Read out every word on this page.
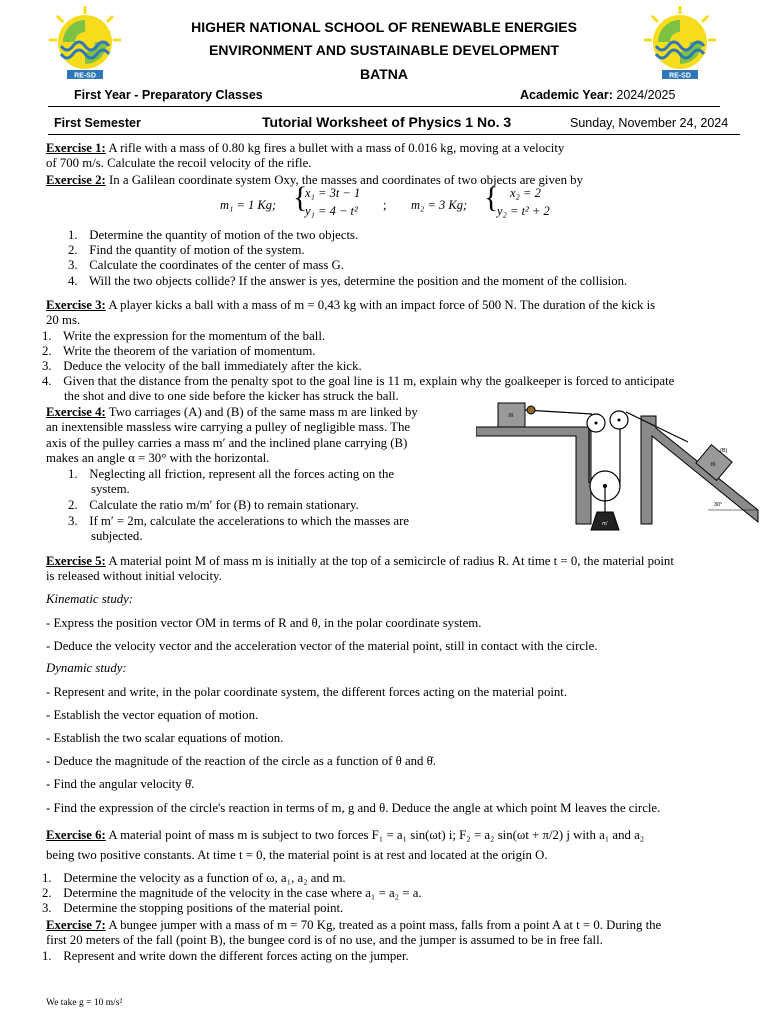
RE-SD	RE-SD
HIGHER NATIONAL SCHOOL OF RENEWABLE ENERGIES
ENVIRONMENT AND SUSTAINABLE DEVELOPMENT
BATNA
First Year - Preparatory Classes	Academic Year: 2024/2025
First Semester	Tutorial Worksheet of Physics 1 No. 3	Sunday, November 24, 2024
Exercise 1: A rifle with a mass of 0.80 kg fires a bullet with a mass of 0.016 kg, moving at a velocity
of 700 m/s. Calculate the recoil velocity of the rifle.
Exercise 2: In a Galilean coordinate system Oxy, the masses and coordinates of two objects are given by
m₁ = 1 Kg; {
x₁ = 3t − 1
y₁ = 4 − t² ; m₂ = 3 Kg; { x₂ = 2
y₂ = t² + 2
1. Determine the quantity of motion of the two objects.
2. Find the quantity of motion of the system.
3. Calculate the coordinates of the center of mass G.
4. Will the two objects collide? If the answer is yes, determine the position and the moment of the collision.
Exercise 3: A player kicks a ball with a mass of m = 0,43 kg with an impact force of 500 N. The duration of the kick is
20 ms.
1. Write the expression for the momentum of the ball.
2. Write the theorem of the variation of momentum.
3. Deduce the velocity of the ball immediately after the kick.
4. Given that the distance from the penalty spot to the goal line is 11 m, explain why the goalkeeper is forced to anticipate
the shot and dive to one side before the kicker has struck the ball.
Exercise 4: Two carriages (A) and (B) of the same mass m are linked by
an inextensible massless wire carrying a pulley of negligible mass. The
axis of the pulley carries a mass m′ and the inclined plane carrying (B)
makes an angle α = 30° with the horizontal.
1. Neglecting all friction, represent all the forces acting on the
system.
2. Calculate the ratio m/m′ for (B) to remain stationary.
3. If m′ = 2m, calculate the accelerations to which the masses are
subjected.
m
m'
m
(B)
30°
Exercise 5: A material point M of mass m is initially at the top of a semicircle of radius R. At time t = 0, the material point
is released without initial velocity.
Kinematic study:
- Express the position vector OM in terms of R and θ, in the polar coordinate system.
- Deduce the velocity vector and the acceleration vector of the material point, still in contact with the circle.
Dynamic study:
- Represent and write, in the polar coordinate system, the different forces acting on the material point.
- Establish the vector equation of motion.
- Establish the two scalar equations of motion.
- Deduce the magnitude of the reaction of the circle as a function of θ and θ̇.
- Find the angular velocity θ̇.
- Find the expression of the circle's reaction in terms of m, g and θ. Deduce the angle at which point M leaves the circle.
Exercise 6: A material point of mass m is subject to two forces F₁ = a₁ sin(ωt) i; F₂ = a₂ sin(ωt + π/2) j with a₁ and a₂
being two positive constants. At time t = 0, the material point is at rest and located at the origin O.
1. Determine the velocity as a function of ω, a₁, a₂ and m.
2. Determine the magnitude of the velocity in the case where a₁ = a₂ = a.
3. Determine the stopping positions of the material point.
Exercise 7: A bungee jumper with a mass of m = 70 Kg, treated as a point mass, falls from a point A at t = 0. During the
first 20 meters of the fall (point B), the bungee cord is of no use, and the jumper is assumed to be in free fall.
1. Represent and write down the different forces acting on the jumper.
We take g = 10 m/s²
